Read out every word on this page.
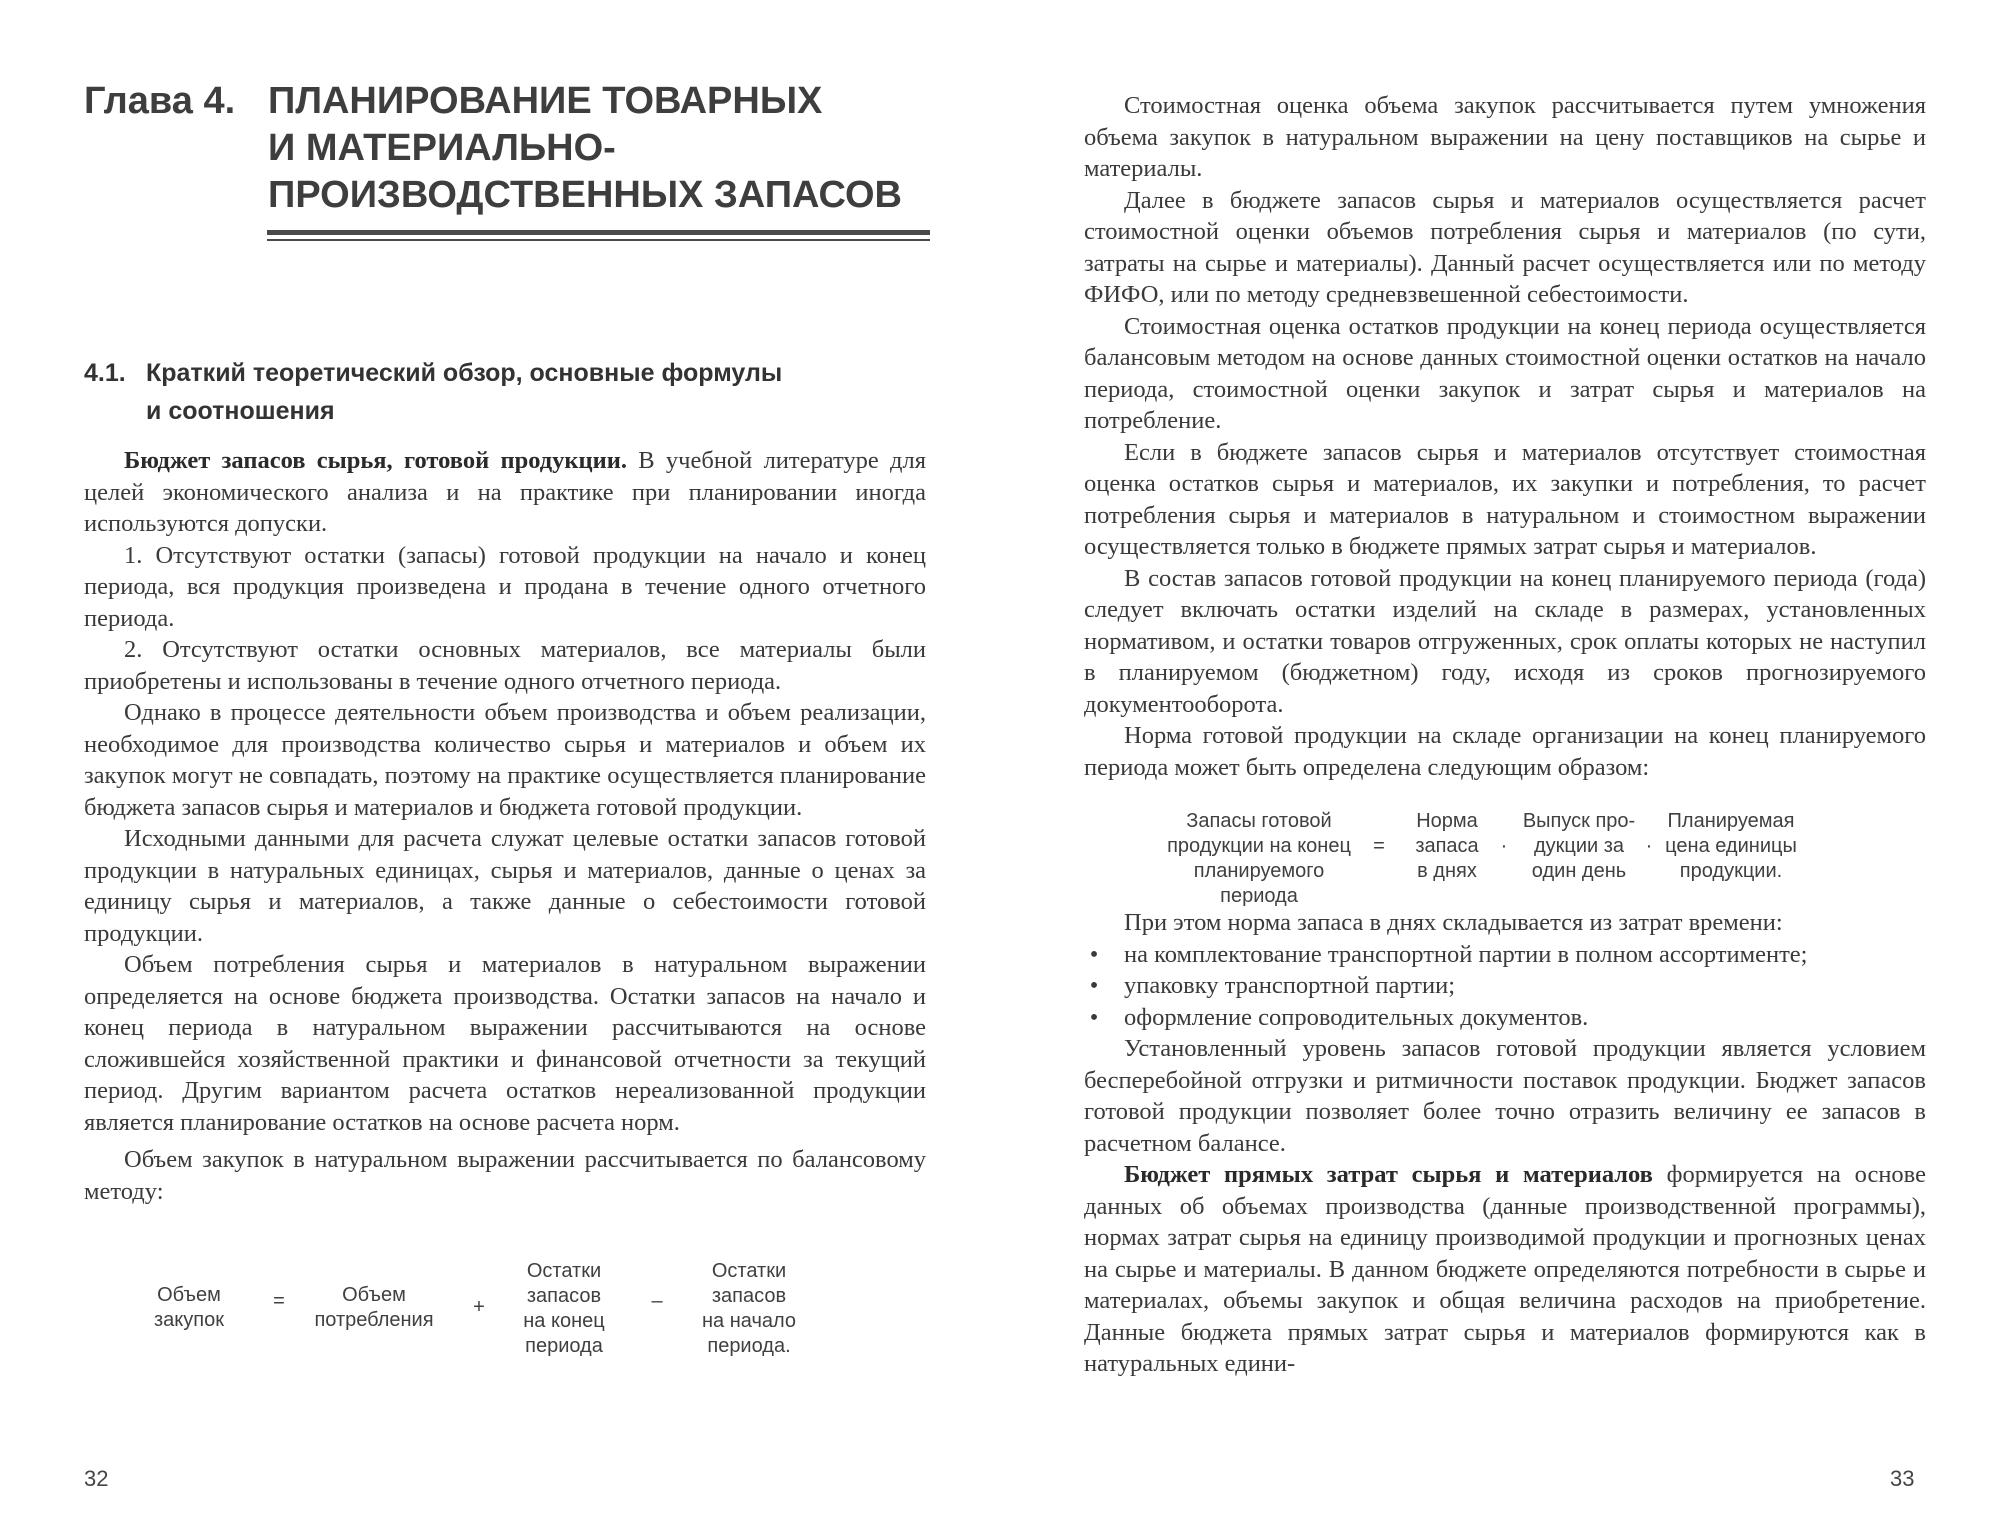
Глава 4. ПЛАНИРОВАНИЕ ТОВАРНЫХ
И МАТЕРИАЛЬНО-
ПРОИЗВОДСТВЕННЫХ ЗАПАСОВ
4.1. Краткий теоретический обзор, основные формулы
и соотношения

Бюджет запасов сырья, готовой продукции. В учебной литературе для целей экономического анализа и на практике при планировании иногда используются допуски.

1. Отсутствуют остатки (запасы) готовой продукции на начало и конец периода, вся продукция произведена и продана в течение одного отчетного периода.

2. Отсутствуют остатки основных материалов, все материалы были приобретены и использованы в течение одного отчетного периода.

Однако в процессе деятельности объем производства и объем реализации, необходимое для производства количество сырья и материалов и объем их закупок могут не совпадать, поэтому на практике осуществляется планирование бюджета запасов сырья и материалов и бюджета готовой продукции.

Исходными данными для расчета служат целевые остатки запасов готовой продукции в натуральных единицах, сырья и материалов, данные о ценах за единицу сырья и материалов, а также данные о себестоимости готовой продукции.

Объем потребления сырья и материалов в натуральном выражении определяется на основе бюджета производства. Остатки запасов на начало и конец периода в натуральном выражении рассчитываются на основе сложившейся хозяйственной практики и финансовой отчетности за текущий период. Другим вариантом расчета остатков нереализованной продукции является планирование остатков на основе расчета норм.

Объем закупок в натуральном выражении рассчитывается по балансовому методу:

Объем
закупок
=	Объем
потребления
+
Остатки
запасов
на конец
периода
–
Остатки
запасов
на начало
периода.
32

Стоимостная оценка объема закупок рассчитывается путем умножения объема закупок в натуральном выражении на цену поставщиков на сырье и материалы.

Далее в бюджете запасов сырья и материалов осуществляется расчет стоимостной оценки объемов потребления сырья и материалов (по сути, затраты на сырье и материалы). Данный расчет осуществляется или по методу ФИФО, или по методу средневзвешенной себестоимости.

Стоимостная оценка остатков продукции на конец периода осуществляется балансовым методом на основе данных стоимостной оценки остатков на начало периода, стоимостной оценки закупок и затрат сырья и материалов на потребление.

Если в бюджете запасов сырья и материалов отсутствует стоимостная оценка остатков сырья и материалов, их закупки и потребления, то расчет потребления сырья и материалов в натуральном и стоимостном выражении осуществляется только в бюджете прямых затрат сырья и материалов.

В состав запасов готовой продукции на конец планируемого периода (года) следует включать остатки изделий на складе в размерах, установленных нормативом, и остатки товаров отгруженных, срок оплаты которых не наступил в планируемом (бюджетном) году, исходя из сроков прогнозируемого документооборота.

Норма готовой продукции на складе организации на конец планируемого периода может быть определена следующим образом:

Запасы готовой
продукции на конец
планируемого периода
=
Норма
запаса
в днях
·
Выпуск про-
дукции за
один день
·
Планируемая
цена единицы
продукции.

При этом норма запаса в днях складывается из затрат времени:

• на комплектование транспортной партии в полном ассортименте;
• упаковку транспортной партии;
• оформление сопроводительных документов.

Установленный уровень запасов готовой продукции является условием бесперебойной отгрузки и ритмичности поставок продукции. Бюджет запасов готовой продукции позволяет более точно отразить величину ее запасов в расчетном балансе.

Бюджет прямых затрат сырья и материалов формируется на основе данных об объемах производства (данные производственной программы), нормах затрат сырья на единицу производимой продукции и прогнозных ценах на сырье и материалы. В данном бюджете определяются потребности в сырье и материалах, объемы закупок и общая величина расходов на приобретение. Данные бюджета прямых затрат сырья и материалов формируются как в натуральных едини-

33
